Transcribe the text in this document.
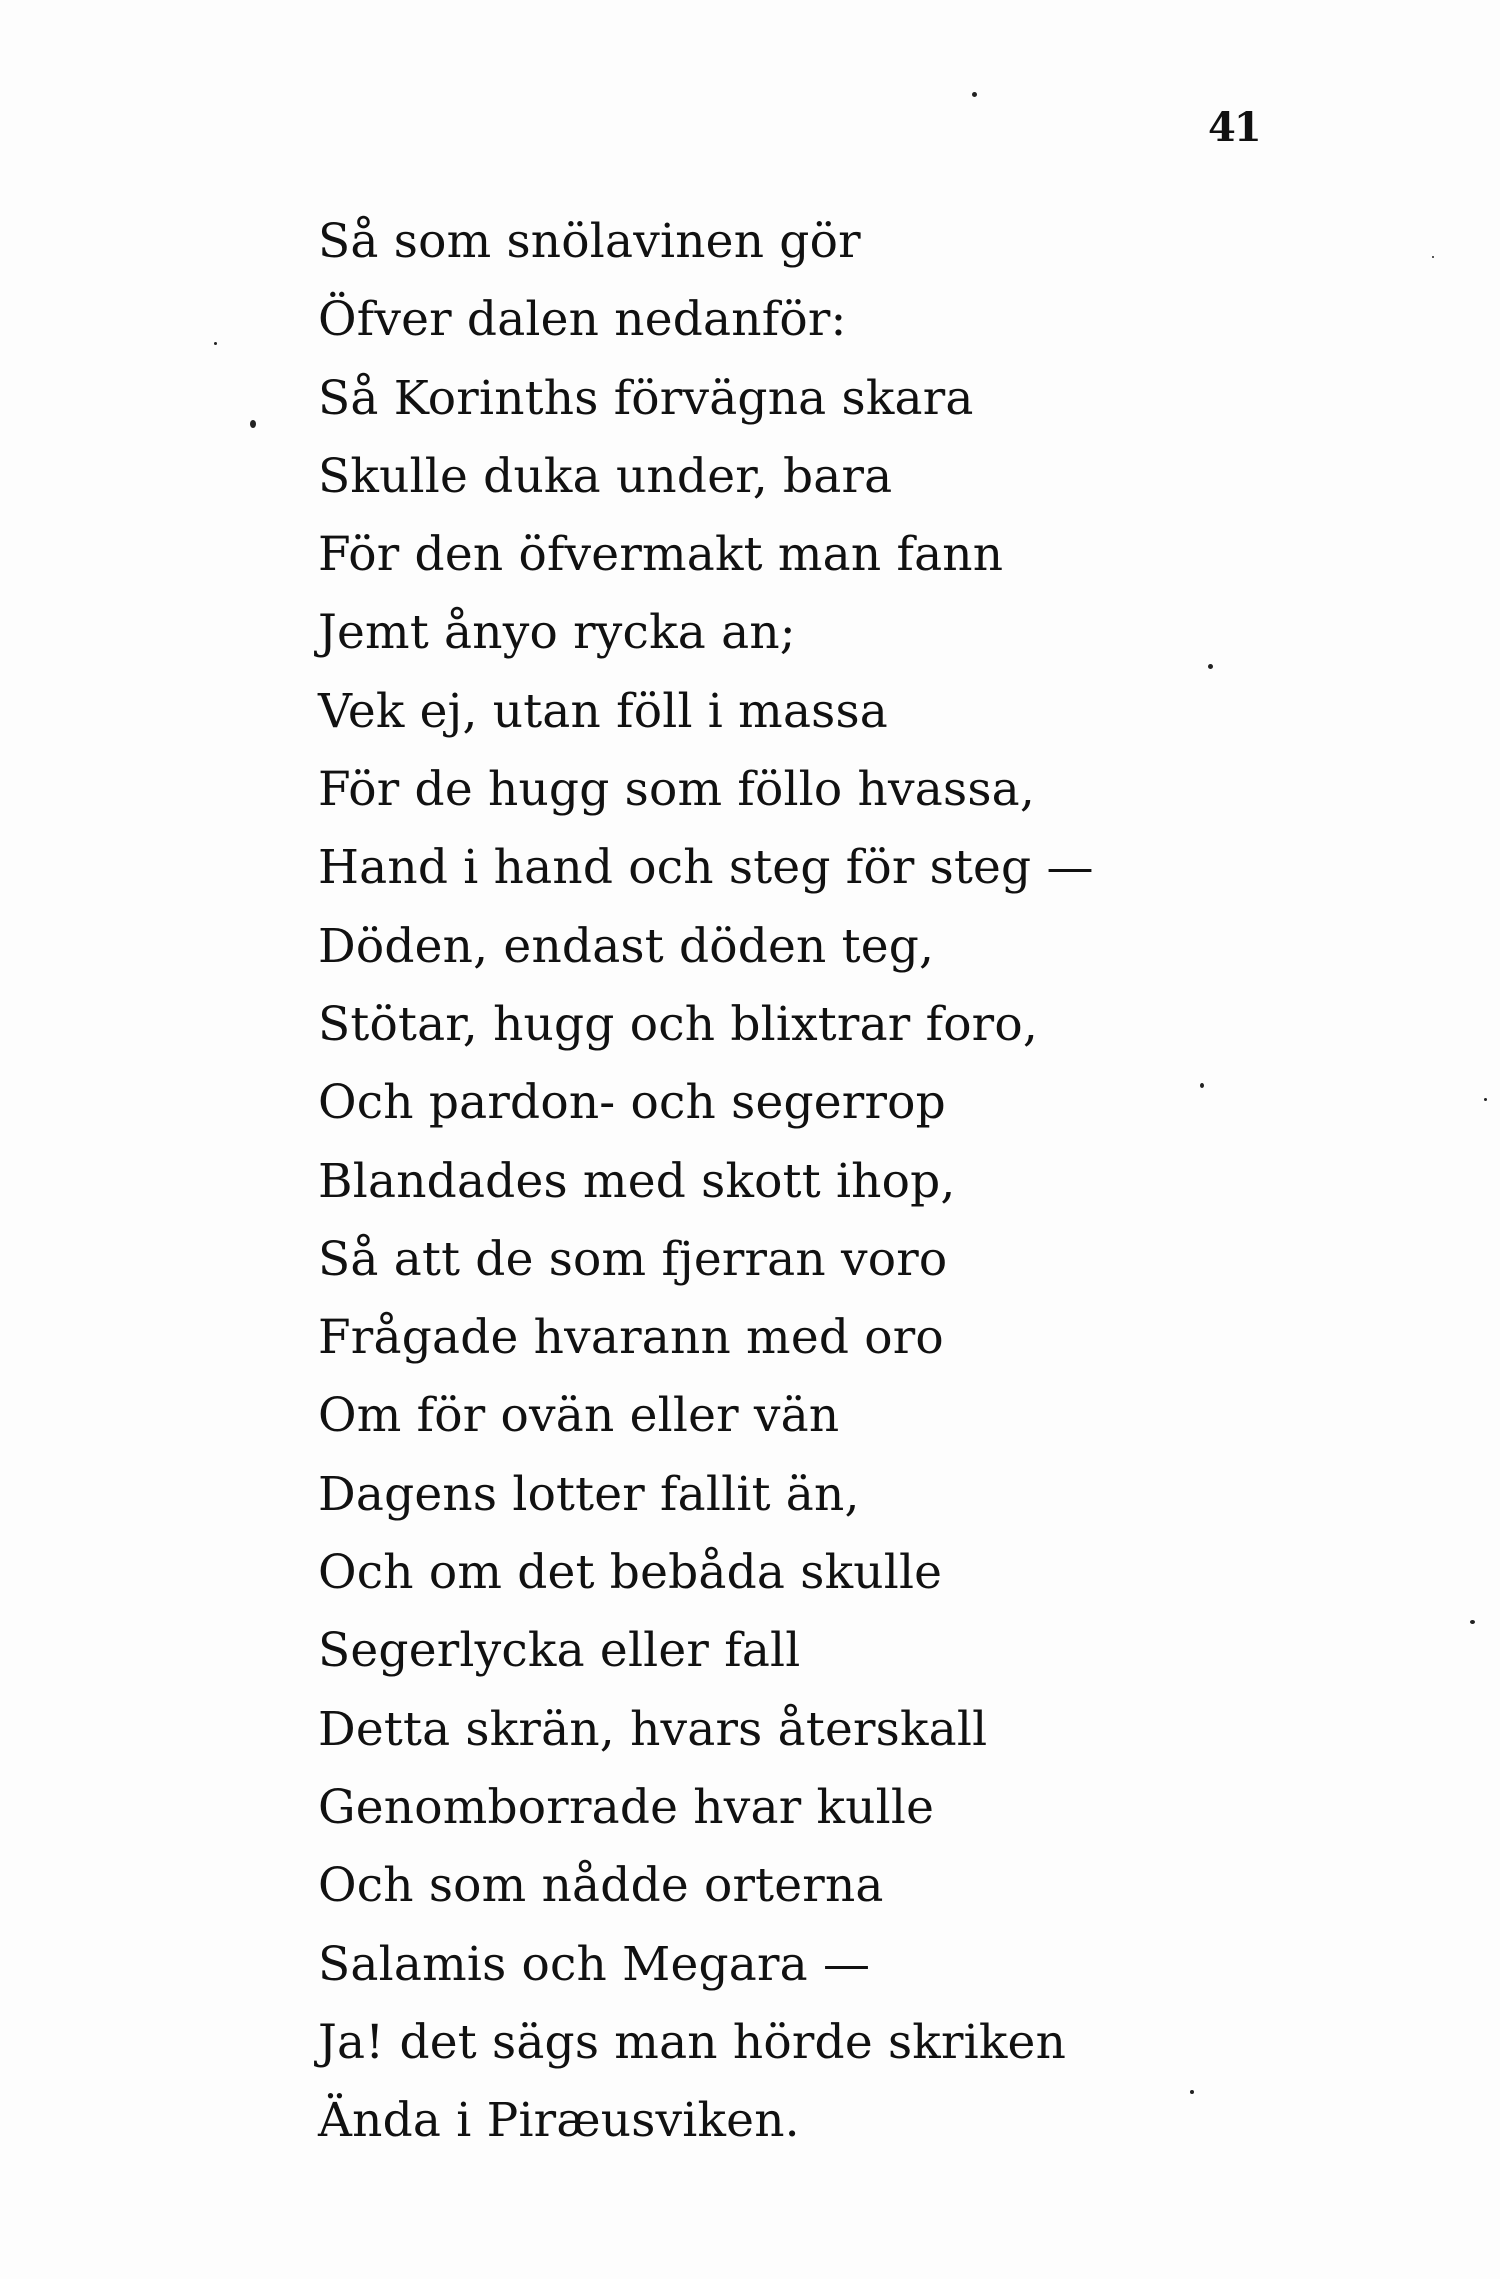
41
Så som snölavinen gör
Öfver dalen nedanför:
Så Korinths förvägna skara
Skulle duka under, bara
För den öfvermakt man fann
Jemt ånyo rycka an;
Vek ej, utan föll i massa
För de hugg som föllo hvassa,
Hand i hand och steg för steg —
Döden, endast döden teg,
Stötar, hugg och blixtrar foro,
Och pardon- och segerrop
Blandades med skott ihop,
Så att de som fjerran voro
Frågade hvarann med oro
Om för ovän eller vän
Dagens lotter fallit än,
Och om det bebåda skulle
Segerlycka eller fall
Detta skrän, hvars återskall
Genomborrade hvar kulle
Och som nådde orterna
Salamis och Megara —
Ja! det sägs man hörde skriken
Ända i Piræusviken.
